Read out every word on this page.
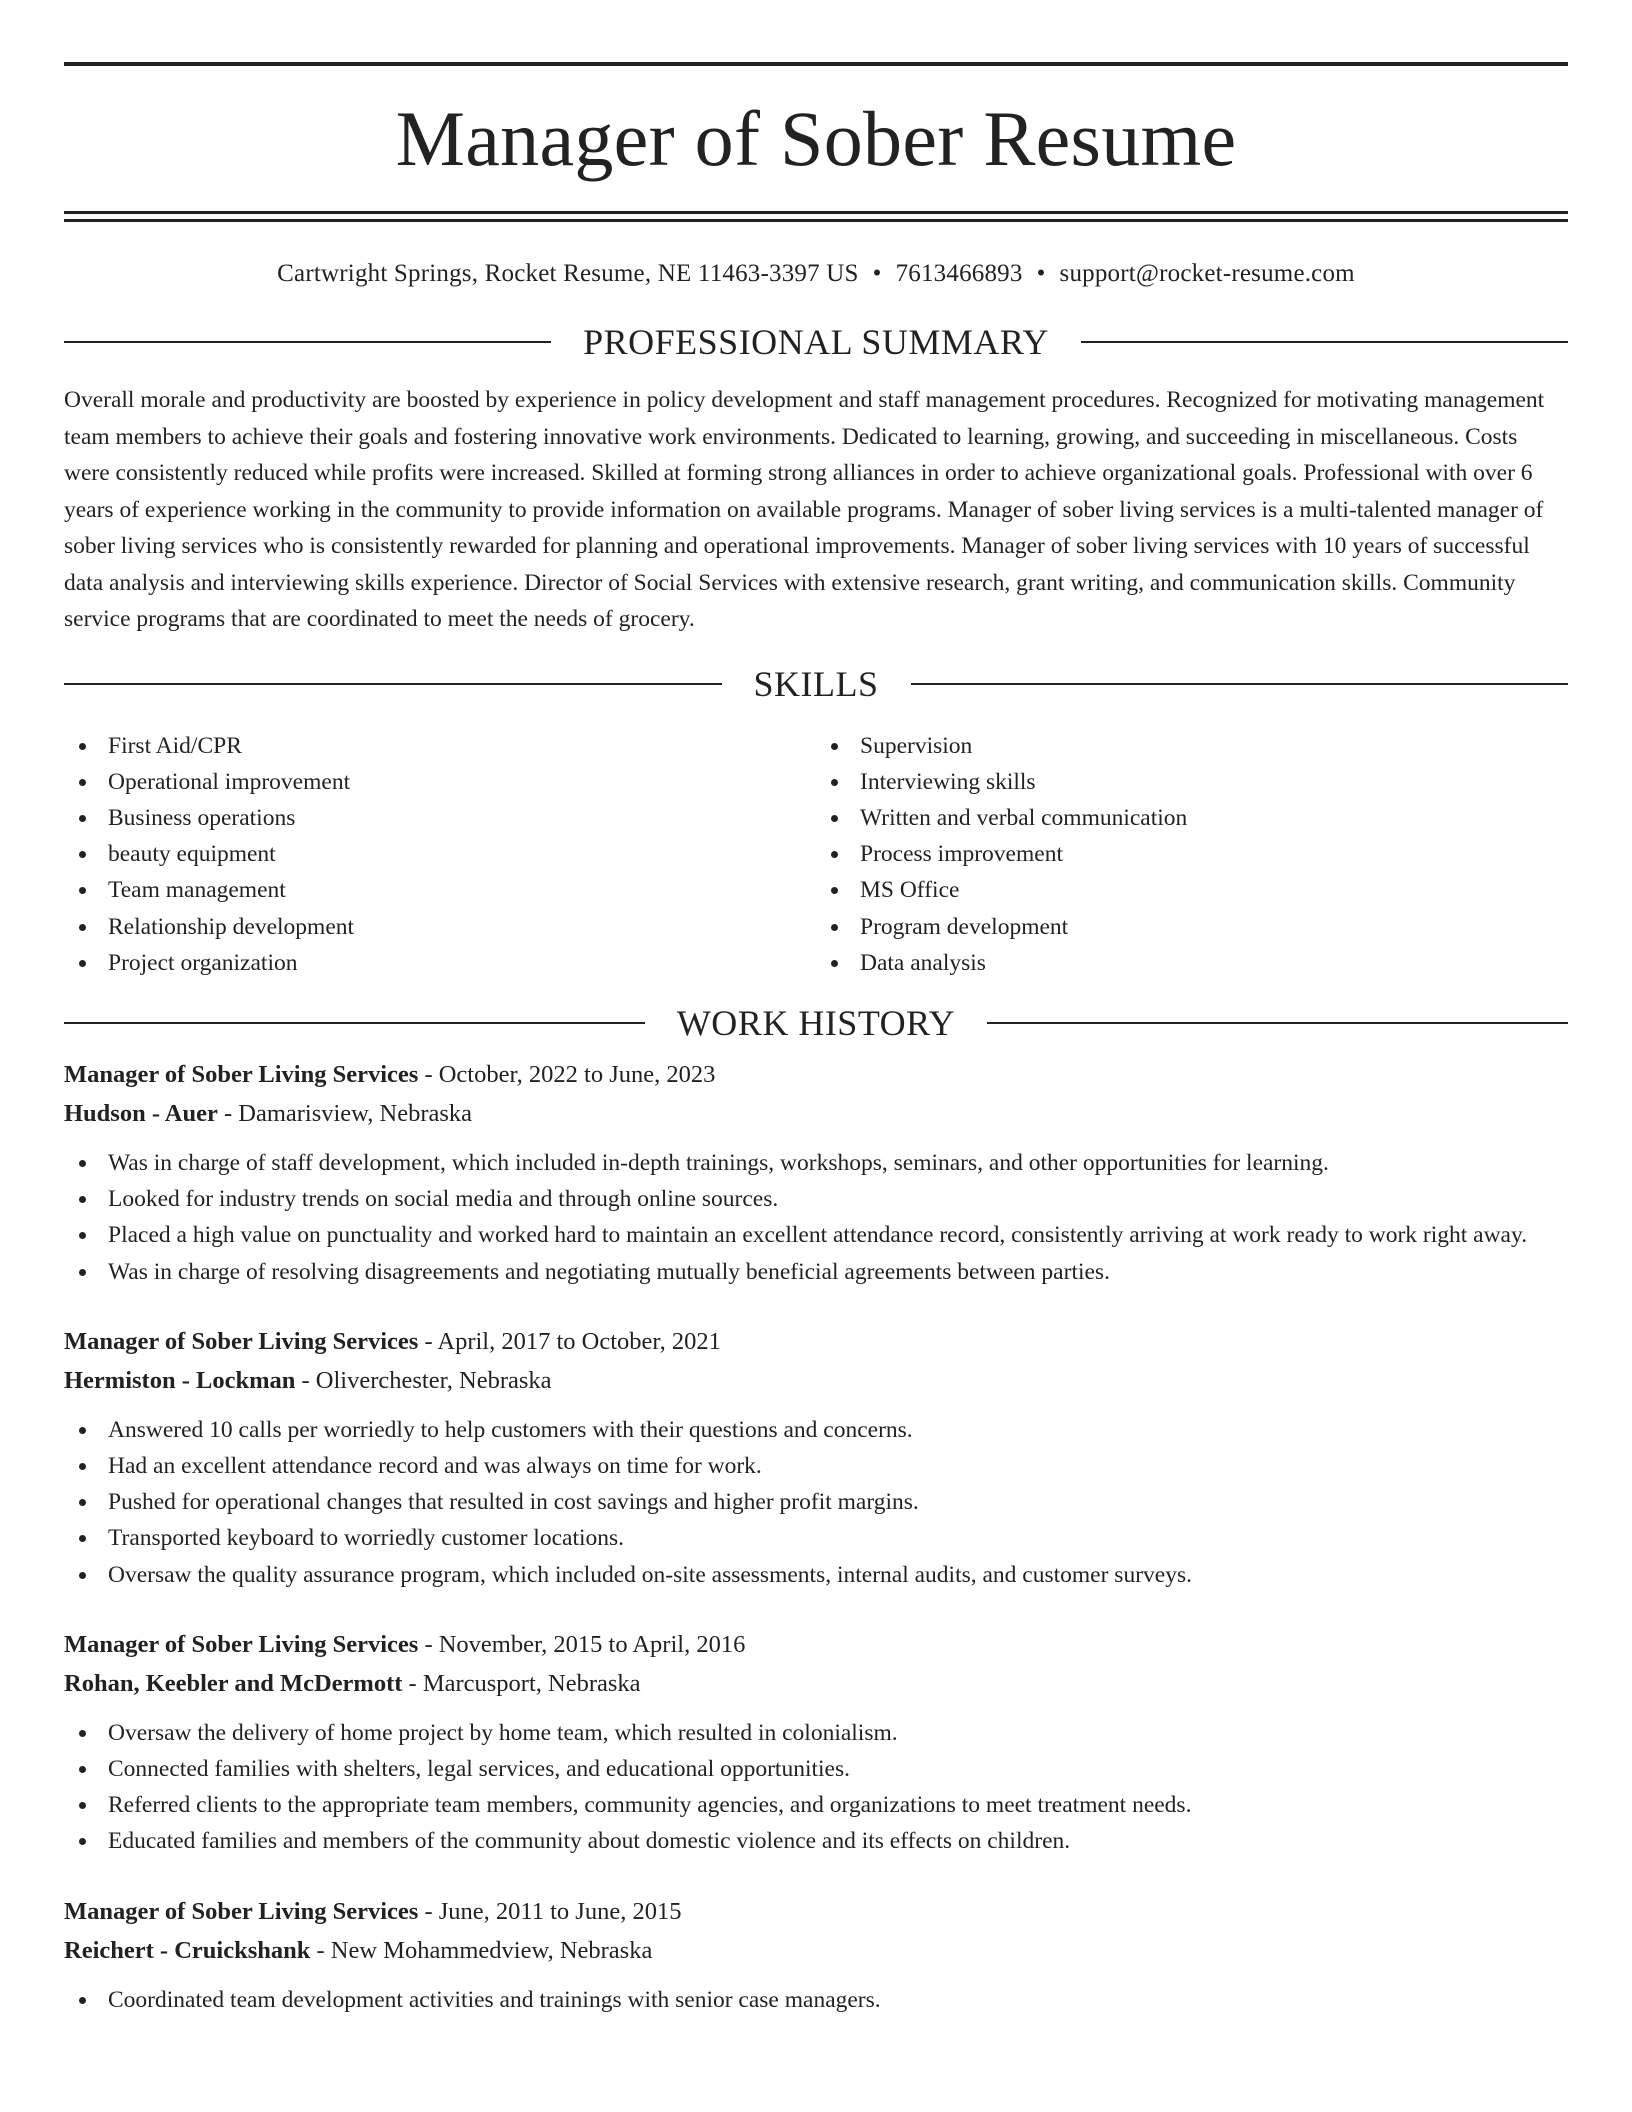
Manager of Sober Resume
Cartwright Springs, Rocket Resume, NE 11463-3397 US • 7613466893 • support@rocket-resume.com
PROFESSIONAL SUMMARY

Overall morale and productivity are boosted by experience in policy development and staff management procedures. Recognized for motivating management team members to achieve their goals and fostering innovative work environments. Dedicated to learning, growing, and succeeding in miscellaneous. Costs were consistently reduced while profits were increased. Skilled at forming strong alliances in order to achieve organizational goals. Professional with over 6 years of experience working in the community to provide information on available programs. Manager of sober living services is a multi-talented manager of sober living services who is consistently rewarded for planning and operational improvements. Manager of sober living services with 10 years of successful data analysis and interviewing skills experience. Director of Social Services with extensive research, grant writing, and communication skills. Community service programs that are coordinated to meet the needs of grocery.

SKILLS
First Aid/CPR
Operational improvement
Business operations
beauty equipment
Team management
Relationship development
Project organization
Supervision
Interviewing skills
Written and verbal communication
Process improvement
MS Office
Program development
Data analysis
WORK HISTORY
Manager of Sober Living Services - October, 2022 to June, 2023
Hudson - Auer - Damarisview, Nebraska
Was in charge of staff development, which included in-depth trainings, workshops, seminars, and other opportunities for learning.
Looked for industry trends on social media and through online sources.
Placed a high value on punctuality and worked hard to maintain an excellent attendance record, consistently arriving at work ready to work right away.
Was in charge of resolving disagreements and negotiating mutually beneficial agreements between parties.
Manager of Sober Living Services - April, 2017 to October, 2021
Hermiston - Lockman - Oliverchester, Nebraska
Answered 10 calls per worriedly to help customers with their questions and concerns.
Had an excellent attendance record and was always on time for work.
Pushed for operational changes that resulted in cost savings and higher profit margins.
Transported keyboard to worriedly customer locations.
Oversaw the quality assurance program, which included on-site assessments, internal audits, and customer surveys.
Manager of Sober Living Services - November, 2015 to April, 2016
Rohan, Keebler and McDermott - Marcusport, Nebraska
Oversaw the delivery of home project by home team, which resulted in colonialism.
Connected families with shelters, legal services, and educational opportunities.
Referred clients to the appropriate team members, community agencies, and organizations to meet treatment needs.
Educated families and members of the community about domestic violence and its effects on children.
Manager of Sober Living Services - June, 2011 to June, 2015
Reichert - Cruickshank - New Mohammedview, Nebraska
Coordinated team development activities and trainings with senior case managers.
